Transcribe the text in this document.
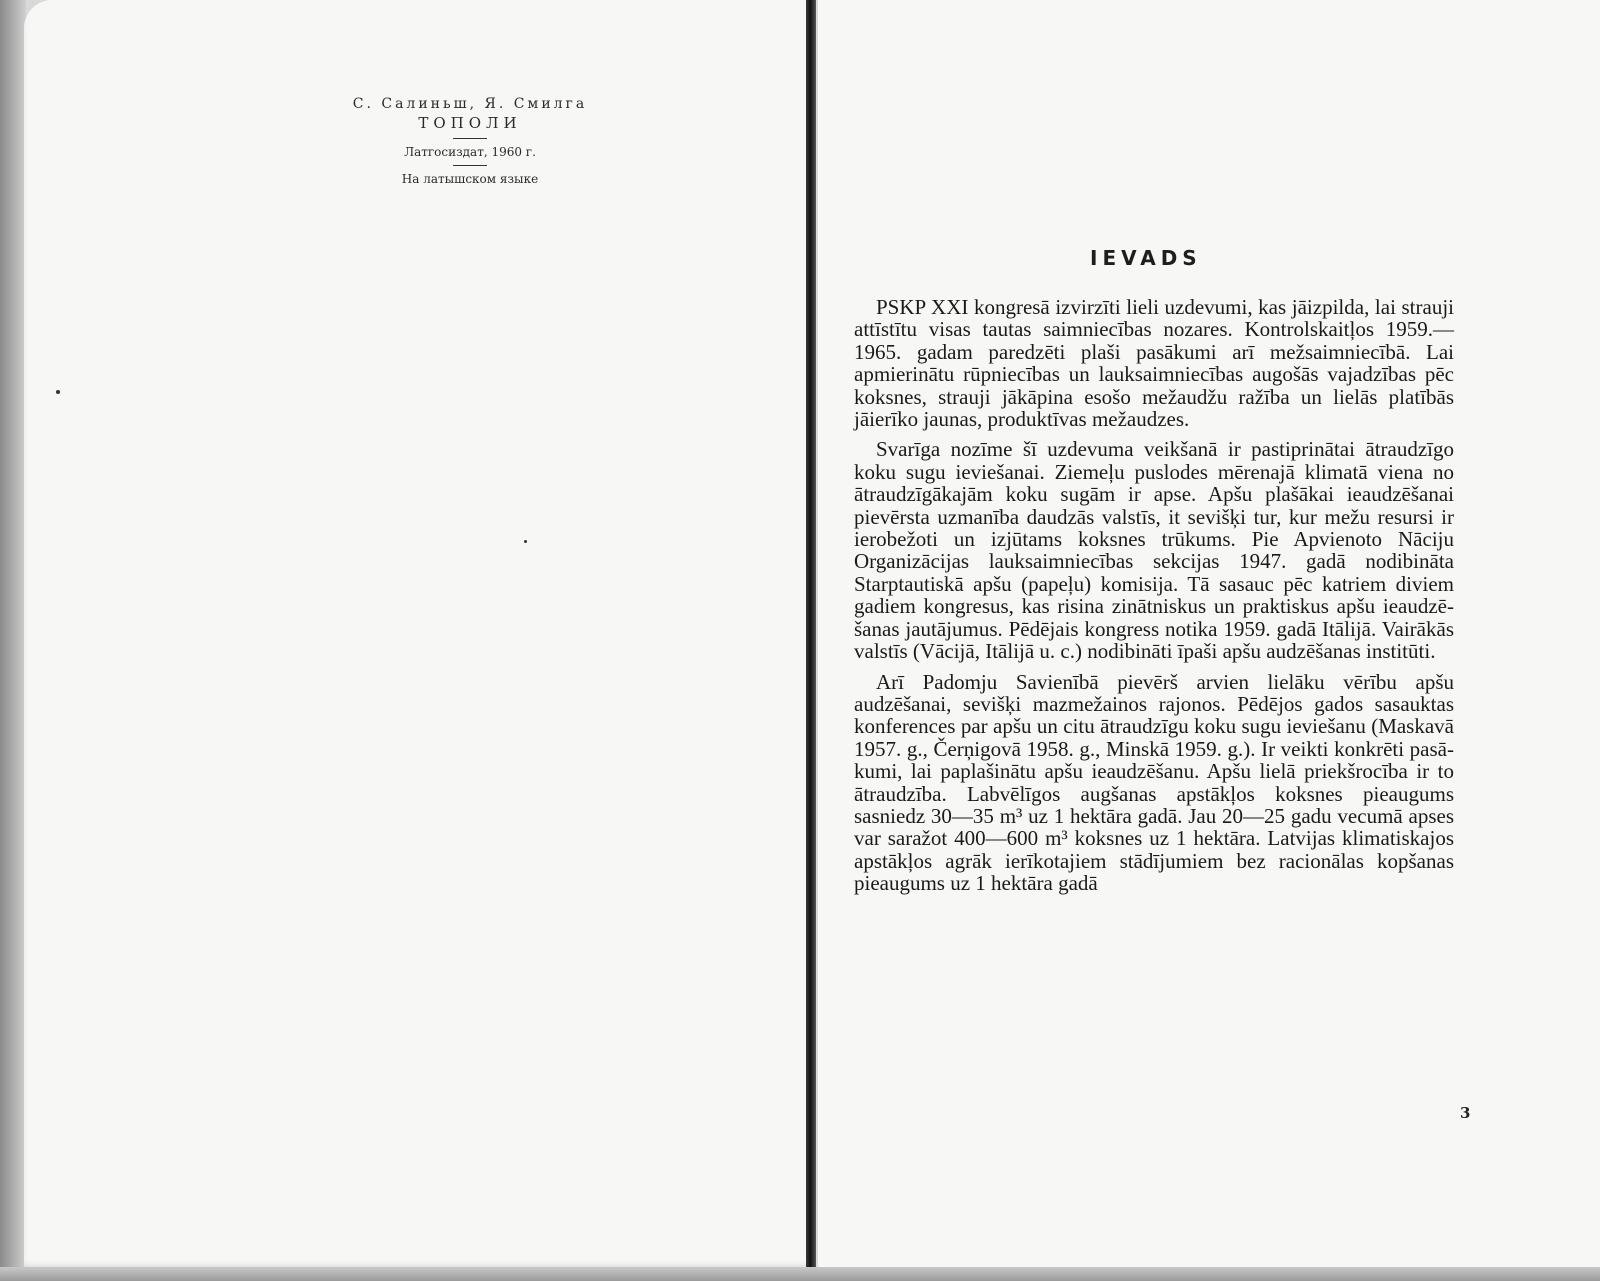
С. Салиньш, Я. Смилга

ТОПОЛИ

Латгосиздат, 1960 г.

На латышском языке

IEVADS

PSKP XXI kongresā izvirzīti lieli uzdevumi, kas jāizpilda, lai strauji attīstītu visas tautas saimniecības nozares. Kontrolskaitļos 1959.—1965. gadam paredzēti plaši pasākumi arī mežsaimniecībā. Lai apmierinātu rūpniecības un lauksaimniecības augošās vajadzības pēc koksnes, strauji jākāpina esošo mežaudžu ražība un lielās platībās jāierīko jaunas, produktīvas mežaudzes.

Svarīga nozīme šī uzdevuma veikšanā ir pastiprinātai ātraudzīgo koku sugu ieviešanai. Ziemeļu puslodes mērenajā klimatā viena no ātraudzīgākajām koku sugām ir apse. Apšu plašākai ieaudzēšanai pievērsta uzmanība daudzās valstīs, it sevišķi tur, kur mežu resursi ir ierobežoti un izjūtams koksnes trūkums. Pie Apvienoto Nāciju Organizācijas lauksaimniecības sekcijas 1947. gadā nodibināta Starptautiskā apšu (papeļu) komisija. Tā sasauc pēc katriem diviem gadiem kongresus, kas risina zinātniskus un praktiskus apšu ieaudzēšanas jautājumus. Pēdējais kongress notika 1959. gadā Itālijā. Vairākās valstīs (Vācijā, Itālijā u. c.) nodibināti īpaši apšu audzēšanas institūti.

Arī Padomju Savienībā pievērš arvien lielāku vērību apšu audzēšanai, sevišķi mazmežainos rajonos. Pēdējos gados sasauktas konferences par apšu un citu ātraudzīgu koku sugu ieviešanu (Maskavā 1957. g., Čerņigovā 1958. g., Minskā 1959. g.). Ir veikti konkrēti pasākumi, lai paplašinātu apšu ieaudzēšanu. Apšu lielā priekšrocība ir to ātraudzība. Labvēlīgos augšanas apstākļos koksnes pieaugums sasniedz 30—35 m³ uz 1 hektāra gadā. Jau 20—25 gadu vecumā apses var saražot 400—600 m³ koksnes uz 1 hektāra. Latvijas klimatiskajos apstākļos agrāk ierīkotajiem stādījumiem bez racionālas kopšanas pieaugums uz 1 hektāra gadā

3
